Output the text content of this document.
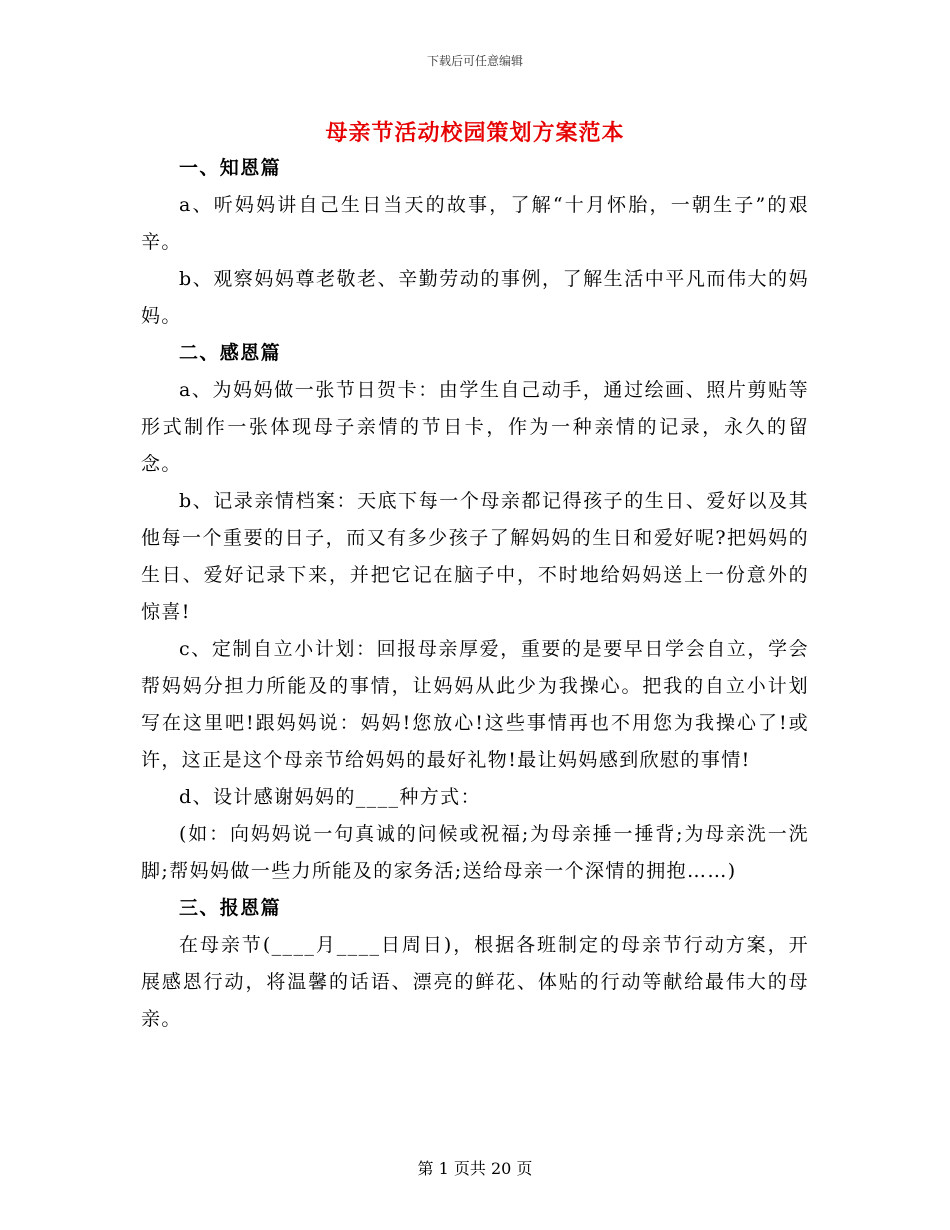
下载后可任意编辑
母亲节活动校园策划方案范本

一、知恩篇

a、听妈妈讲自己生日当天的故事，了解“十月怀胎，一朝生子”的艰辛。

b、观察妈妈尊老敬老、辛勤劳动的事例，了解生活中平凡而伟大的妈妈。

二、感恩篇

a、为妈妈做一张节日贺卡：由学生自己动手，通过绘画、照片剪贴等形式制作一张体现母子亲情的节日卡，作为一种亲情的记录，永久的留念。

b、记录亲情档案：天底下每一个母亲都记得孩子的生日、爱好以及其他每一个重要的日子，而又有多少孩子了解妈妈的生日和爱好呢?把妈妈的生日、爱好记录下来，并把它记在脑子中，不时地给妈妈送上一份意外的惊喜!

c、定制自立小计划：回报母亲厚爱，重要的是要早日学会自立，学会帮妈妈分担力所能及的事情，让妈妈从此少为我操心。把我的自立小计划写在这里吧!跟妈妈说：妈妈!您放心!这些事情再也不用您为我操心了!或许，这正是这个母亲节给妈妈的最好礼物!最让妈妈感到欣慰的事情!

d、设计感谢妈妈的____种方式：

(如：向妈妈说一句真诚的问候或祝福;为母亲捶一捶背;为母亲洗一洗脚;帮妈妈做一些力所能及的家务活;送给母亲一个深情的拥抱……)

三、报恩篇

在母亲节(____月____日周日)，根据各班制定的母亲节行动方案，开展感恩行动，将温馨的话语、漂亮的鲜花、体贴的行动等献给最伟大的母亲。

第 1 页共 20 页
